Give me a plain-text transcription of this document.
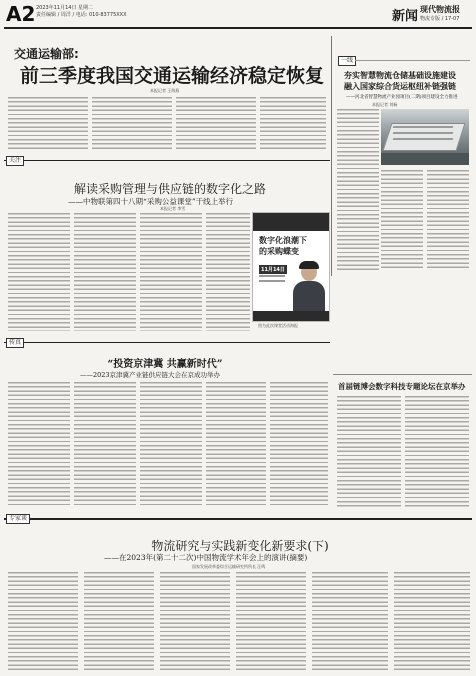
A2 2023年11月14日 星期二
责任编辑 / 周洋 / 电话: 010-83775XXX	新闻 现代物流报
物流专版 / 17-07
交通运输部:
前三季度我国交通运输经济稳定恢复
本报记者 王海燕
一线
夯实智慧物流仓储基础设施建设
融入国家综合货运枢纽补链强链
——河北省智慧物流产业园项目(二期)项目建设全力推进
本报记者 刘畅
关注
解读采购管理与供应链的数字化之路
——中物联第四十八期“采购公益课堂”干线上举行
本报记者 李雪
数字化浪潮下
的采购蝶变
11月14日
图为此次课堂活动海报
传真
“投资京津冀 共赢新时代”
——2023京津冀产业链供应链大会在京成功举办
首届链博会数字科技专题论坛在京举办
专家谈
物流研究与实践新变化新要求(下)
——在2023年(第二十二次)中国物流学术年会上的演讲(摘要)
国家发展改革委综合运输研究所所长 汪鸣
